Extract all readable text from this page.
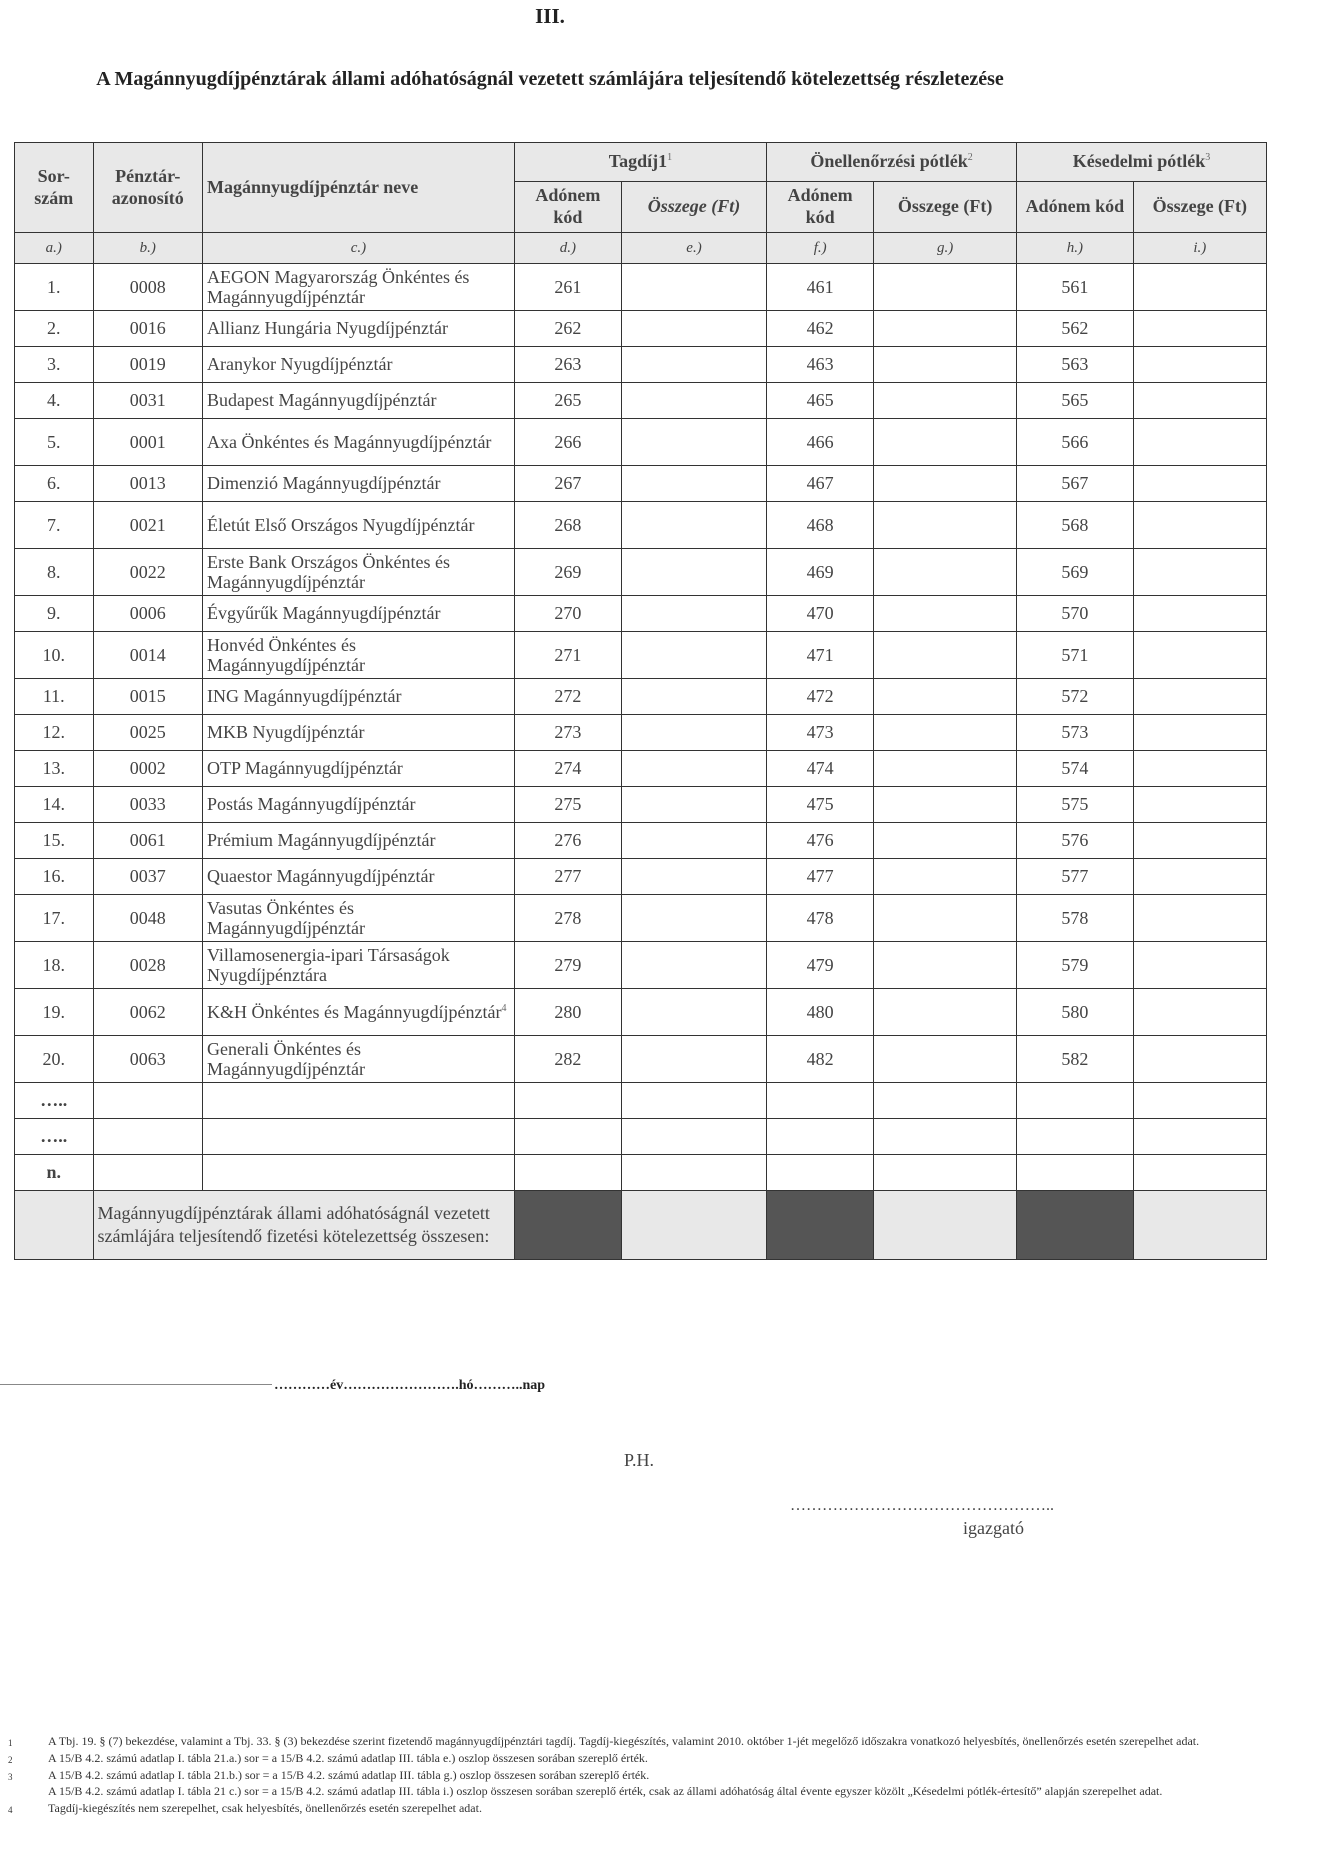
III.
A Magánnyugdíjpénztárak állami adóhatóságnál vezetett számlájára teljesítendő kötelezettség részletezése
Sor- szám	Pénztár- azonosító	Magánnyugdíjpénztár neve	$Tagdíj1^1$		Önellenőrzési pótlék$^2$		Késedelmi pótlék$^3$
			Adónem kód	Összege (Ft)	Adónem kód	Összege (Ft)	Adónem kód	Összege (Ft)
a.)	b.)	c.)	d.)	e.)	f.)	g.)	h.)	i.)
1.	0008	AEGON Magyarország Önkéntes és Magánnyugdíjpénztár	261		461		561	
2.	0016	Allianz Hungária Nyugdíjpénztár	262		462		562	
3.	0019	Aranykor Nyugdíjpénztár	263		463		563	
4.	0031	Budapest Magánnyugdíjpénztár	265		465		565	
5.	0001	Axa Önkéntes és Magánnyugdíjpénztár	266		466		566	
6.	0013	Dimenzió Magánnyugdíjpénztár	267		467		567	
7.	0021	Életút Első Országos Nyugdíjpénztár	268		468		568	
8.	0022	Erste Bank Országos Önkéntes és Magánnyugdíjpénztár	269		469		569	
9.	0006	Évgyűrűk Magánnyugdíjpénztár	270		470		570	
10.	0014	Honvéd Önkéntes és Magánnyugdíjpénztár	271		471		571	
11.	0015	ING Magánnyugdíjpénztár	272		472		572	
12.	0025	MKB Nyugdíjpénztár	273		473		573	
13.	0002	OTP Magánnyugdíjpénztár	274		474		574	
14.	0033	Postás Magánnyugdíjpénztár	275		475		575	
15.	0061	Prémium Magánnyugdíjpénztár	276		476		576	
16.	0037	Quaestor Magánnyugdíjpénztár	277		477		577	
17.	0048	Vasutas Önkéntes és Magánnyugdíjpénztár	278		478		578	
18.	0028	Villamosenergia-ipari Társaságok Nyugdíjpénztára	279		479		579	
19.	0062	K&H Önkéntes és Magánnyugdíjpénztár$^4$	280		480		580	
20.	0063	Generali Önkéntes és Magánnyugdíjpénztár	282		482		582	
…..								
…..								
n.								
	Magánnyugdíjpénztárak állami adóhatóságnál vezetett számlájára teljesítendő fizetési kötelezettség összesen:							
…………év…………………….hó………..nap
P.H.
…………………………………………..
igazgató
1	A Tbj. 19. § (7) bekezdése, valamint a Tbj. 33. § (3) bekezdése szerint fizetendő magánnyugdíjpénztári tagdíj. Tagdíj-kiegészítés, valamint 2010. október 1-jét megelőző időszakra vonatkozó helyesbítés, önellenőrzés esetén szerepelhet adat.
2	A 15/B 4.2. számú adatlap I. tábla 21.a.) sor = a 15/B 4.2. számú adatlap III. tábla e.) oszlop összesen sorában szereplő érték.
3	A 15/B 4.2. számú adatlap I. tábla 21.b.) sor = a 15/B 4.2. számú adatlap III. tábla g.) oszlop összesen sorában szereplő érték.
A 15/B 4.2. számú adatlap I. tábla 21 c.) sor = a 15/B 4.2. számú adatlap III. tábla i.) oszlop összesen sorában szereplő érték, csak az állami adóhatóság által évente egyszer közölt „Késedelmi pótlék-értesítő” alapján szerepelhet adat.
4	Tagdíj-kiegészítés nem szerepelhet, csak helyesbítés, önellenőrzés esetén szerepelhet adat.
